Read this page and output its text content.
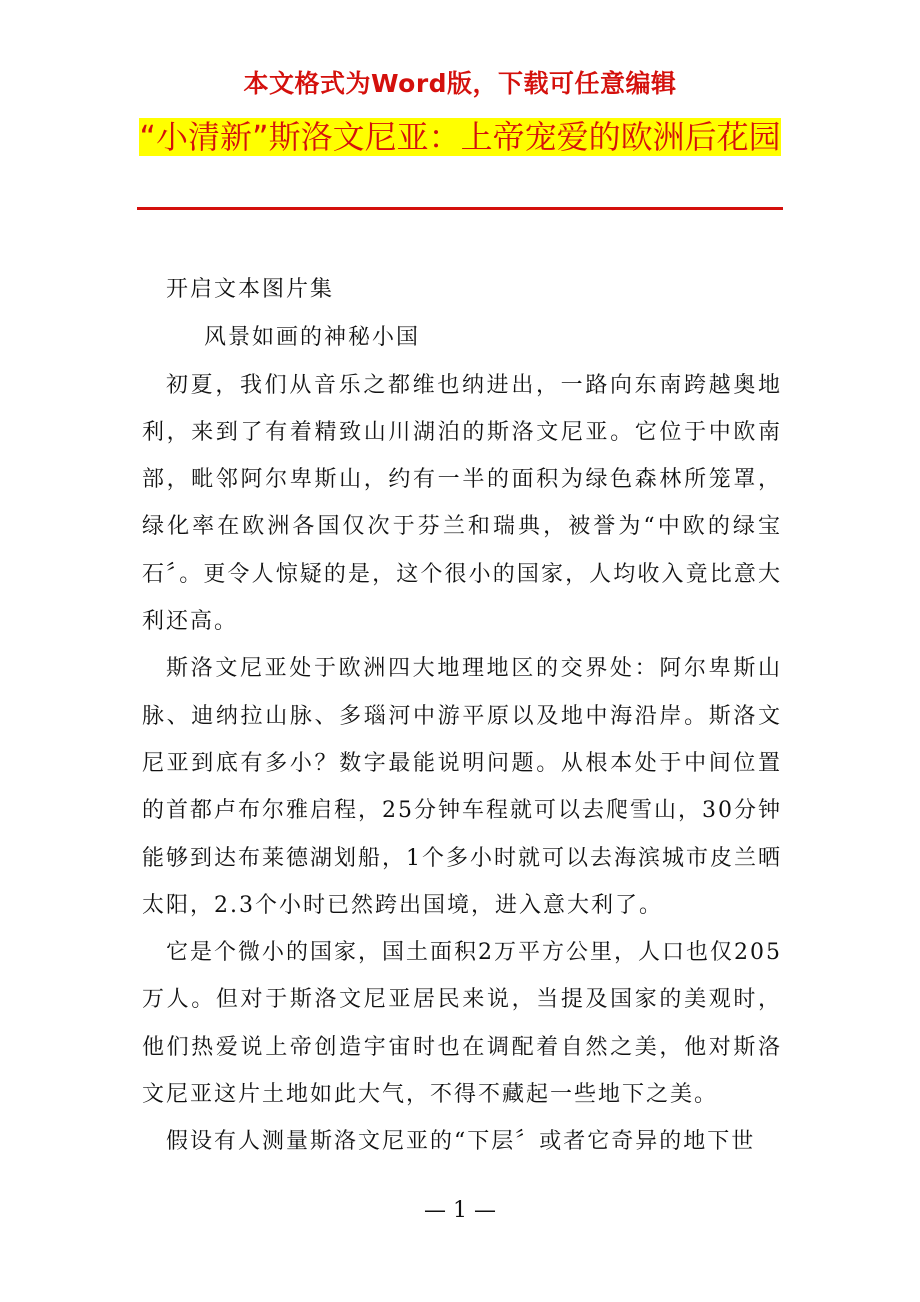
本文格式为Word版，下载可任意编辑
“小清新”斯洛文尼亚：上帝宠爱的欧洲后花园

开启文本图片集

风景如画的神秘小国

初夏，我们从音乐之都维也纳进出，一路向东南跨越奥地利，来到了有着精致山川湖泊的斯洛文尼亚。它位于中欧南部，毗邻阿尔卑斯山，约有一半的面积为绿色森林所笼罩，绿化率在欧洲各国仅次于芬兰和瑞典，被誉为“中欧的绿宝石〞。更令人惊疑的是，这个很小的国家，人均收入竟比意大利还高。

斯洛文尼亚处于欧洲四大地理地区的交界处：阿尔卑斯山脉、迪纳拉山脉、多瑙河中游平原以及地中海沿岸。斯洛文尼亚到底有多小？数字最能说明问题。从根本处于中间位置的首都卢布尔雅启程，25分钟车程就可以去爬雪山，30分钟能够到达布莱德湖划船，1个多小时就可以去海滨城市皮兰晒太阳，2.3个小时已然跨出国境，进入意大利了。

它是个微小的国家，国土面积2万平方公里，人口也仅205万人。但对于斯洛文尼亚居民来说，当提及国家的美观时，他们热爱说上帝创造宇宙时也在调配着自然之美，他对斯洛文尼亚这片土地如此大气，不得不藏起一些地下之美。

假设有人测量斯洛文尼亚的“下层〞或者它奇异的地下世

— 1 —
